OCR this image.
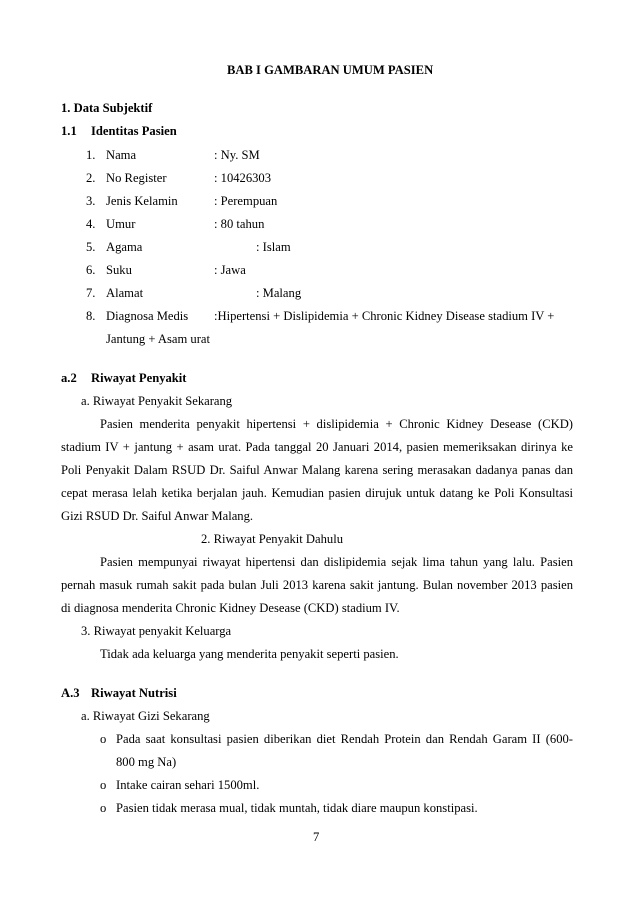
BAB I GAMBARAN UMUM PASIEN
1. Data Subjektif
1.1 Identitas Pasien
1. Nama	: Ny. SM
2. No Register	: 10426303
3. Jenis Kelamin	: Perempuan
4. Umur	: 80 tahun
5. Agama	: Islam
6. Suku	: Jawa
7. Alamat	: Malang
8. Diagnosa Medis :Hipertensi + Dislipidemia + Chronic Kidney Disease stadium IV +
Jantung + Asam urat
a.2 Riwayat Penyakit
a. Riwayat Penyakit Sekarang
Pasien menderita penyakit hipertensi + dislipidemia + Chronic Kidney Desease (CKD)
stadium IV + jantung + asam urat. Pada tanggal 20 Januari 2014, pasien memeriksakan dirinya ke
Poli Penyakit Dalam RSUD Dr. Saiful Anwar Malang karena sering merasakan dadanya panas dan
cepat merasa lelah ketika berjalan jauh. Kemudian pasien dirujuk untuk datang ke Poli Konsultasi
Gizi RSUD Dr. Saiful Anwar Malang.
2. Riwayat Penyakit Dahulu
Pasien mempunyai riwayat hipertensi dan dislipidemia sejak lima tahun yang lalu. Pasien
pernah masuk rumah sakit pada bulan Juli 2013 karena sakit jantung. Bulan november 2013 pasien
di diagnosa menderita Chronic Kidney Desease (CKD) stadium IV.
3. Riwayat penyakit Keluarga
Tidak ada keluarga yang menderita penyakit seperti pasien.
A.3 Riwayat Nutrisi
a. Riwayat Gizi Sekarang
o Pada saat konsultasi pasien diberikan diet Rendah Protein dan Rendah Garam II (600-
800 mg Na)
o Intake cairan sehari 1500ml.
o Pasien tidak merasa mual, tidak muntah, tidak diare maupun konstipasi.
7
